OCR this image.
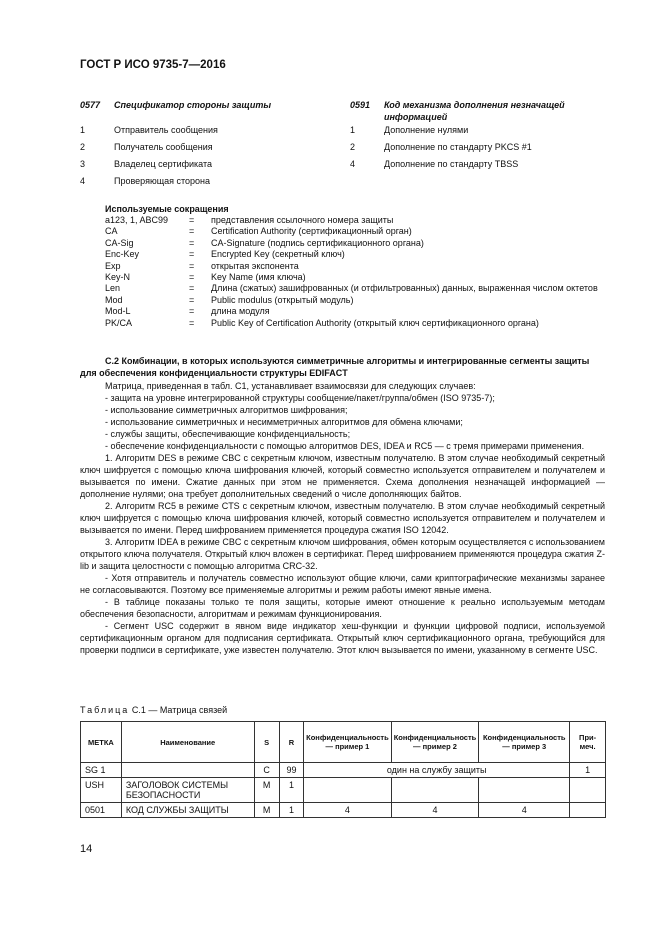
ГОСТ Р ИСО 9735-7—2016
0577	Спецификатор стороны защиты
1	Отправитель сообщения
2	Получатель сообщения
3	Владелец сертификата
4	Проверяющая сторона
0591	Код механизма дополнения незначащей информацией
1	Дополнение нулями
2	Дополнение по стандарту PKCS #1
4	Дополнение по стандарту TBSS
Используемые сокращения
a123, 1, ABC99	=	представления ссылочного номера защиты
CA	=	Certification Authority (сертификационный орган)
CA-Sig	=	CA-Signature (подпись сертификационного органа)
Enc-Key	=	Encrypted Key (секретный ключ)
Exp	=	открытая экспонента
Key-N	=	Key Name (имя ключа)
Len	=	Длина (сжатых) зашифрованных (и отфильтрованных) данных, выраженная числом октетов
Mod	=	Public modulus (открытый модуль)
Mod-L	=	длина модуля
PK/CA	=	Public Key of Certification Authority (открытый ключ сертификационного органа)
С.2 Комбинации, в которых используются симметричные алгоритмы и интегрированные сегменты защиты для обеспечения конфиденциальности структуры EDIFACT

Матрица, приведенная в табл. С1, устанавливает взаимосвязи для следующих случаев:

- защита на уровне интегрированной структуры сообщение/пакет/группа/обмен (ISO 9735-7);

- использование симметричных алгоритмов шифрования;

- использование симметричных и несимметричных алгоритмов для обмена ключами;

- службы защиты, обеспечивающие конфиденциальность;

- обеспечение конфиденциальности с помощью алгоритмов DES, IDEA и RC5 — с тремя примерами применения.

1. Алгоритм DES в режиме CBC с секретным ключом, известным получателю. В этом случае необходимый секретный ключ шифруется с помощью ключа шифрования ключей, который совместно используется отправителем и получателем и вызывается по имени. Сжатие данных при этом не применяется. Схема дополнения незначащей информацией — дополнение нулями; она требует дополнительных сведений о числе дополняющих байтов.

2. Алгоритм RC5 в режиме CTS с секретным ключом, известным получателю. В этом случае необходимый секретный ключ шифруется с помощью ключа шифрования ключей, который совместно используется отправителем и получателем и вызывается по имени. Перед шифрованием применяется процедура сжатия ISO 12042.

3. Алгоритм IDEA в режиме CBC с секретным ключом шифрования, обмен которым осуществляется с использованием открытого ключа получателя. Открытый ключ вложен в сертификат. Перед шифрованием применяются процедура сжатия Z-lib и защита целостности с помощью алгоритма CRC-32.

- Хотя отправитель и получатель совместно используют общие ключи, сами криптографические механизмы заранее не согласовываются. Поэтому все применяемые алгоритмы и режим работы имеют явные имена.

- В таблице показаны только те поля защиты, которые имеют отношение к реально используемым методам обеспечения безопасности, алгоритмам и режимам функционирования.

- Сегмент USC содержит в явном виде индикатор хеш-функции и функции цифровой подписи, используемой сертификационным органом для подписания сертификата. Открытый ключ сертификационного органа, требующийся для проверки подписи в сертификате, уже известен получателю. Этот ключ вызывается по имени, указанному в сегменте USC.

Таблица С.1 — Матрица связей
МЕТКА	Наименование	S	R	Конфиденциальность — пример 1	Конфиденциальность — пример 2	Конфиденциальность — пример 3	При-меч.
SG 1		C	99	один на службу защиты			1
USH	ЗАГОЛОВОК СИСТЕМЫ БЕЗОПАСНОСТИ	M	1				
0501	КОД СЛУЖБЫ ЗАЩИТЫ	M	1	4	4	4	
14
